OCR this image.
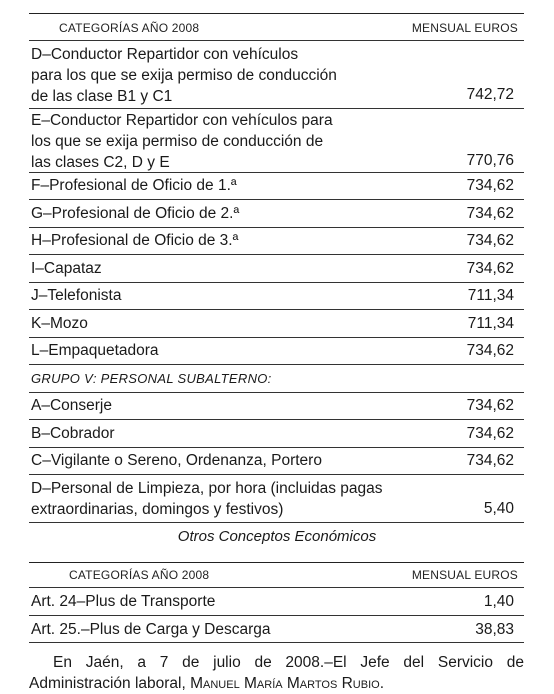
CATEGORÍAS AÑO 2008	MENSUAL EUROS
D–Conductor Repartidor con vehículos
para los que se exija permiso de conducción
de las clase B1 y C1	742,72
E–Conductor Repartidor con vehículos para
los que se exija permiso de conducción de
las clases C2, D y E	770,76
F–Profesional de Oficio de 1.ª	734,62
G–Profesional de Oficio de 2.ª	734,62
H–Profesional de Oficio de 3.ª	734,62
I–Capataz	734,62
J–Telefonista	711,34
K–Mozo	711,34
L–Empaquetadora	734,62
GRUPO V: PERSONAL SUBALTERNO:
A–Conserje	734,62
B–Cobrador	734,62
C–Vigilante o Sereno, Ordenanza, Portero	734,62
D–Personal de Limpieza, por hora (incluidas pagas
extraordinarias, domingos y festivos)	5,40
Otros Conceptos Económicos
CATEGORÍAS AÑO 2008	MENSUAL EUROS
Art. 24–Plus de Transporte	1,40
Art. 25.–Plus de Carga y Descarga	38,83
En Jaén, a 7 de julio de 2008.–El Jefe del Servicio de Administración laboral, Manuel María Martos Rubio.
